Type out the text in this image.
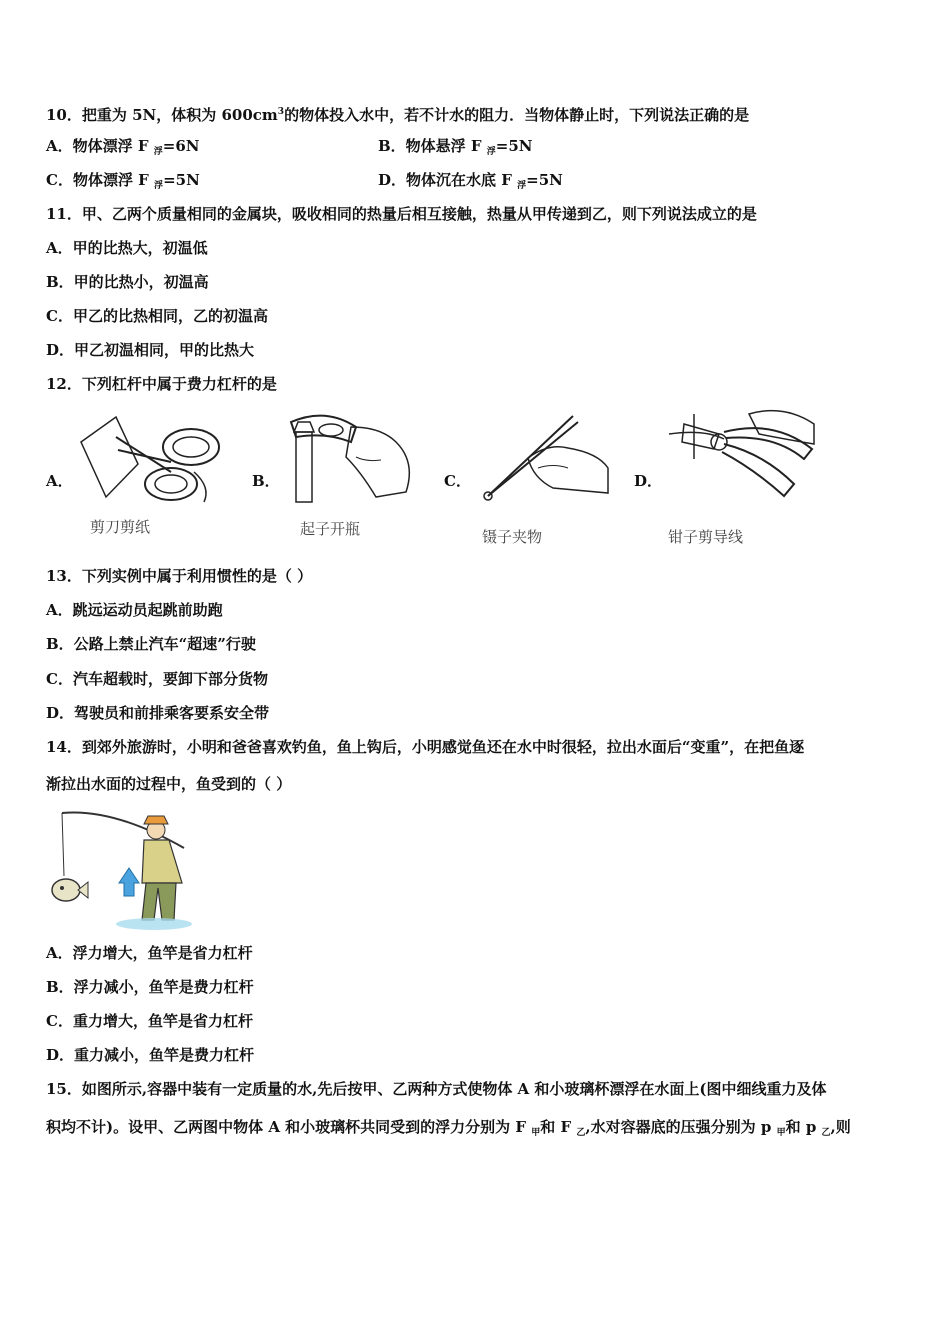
10．把重为 5N，体积为 $600cm^3$的物体投入水中，若不计水的阻力．当物体静止时，下列说法正确的是
A．物体漂浮 F $_浮$=6N	B．物体悬浮 F $_浮$=5N
C．物体漂浮 F $_浮$=5N	D．物体沉在水底 F $_浮$=5N
11．甲、乙两个质量相同的金属块，吸收相同的热量后相互接触，热量从甲传递到乙，则下列说法成立的是
A．甲的比热大，初温低
B．甲的比热小，初温高
C．甲乙的比热相同，乙的初温高
D．甲乙初温相同，甲的比热大
12．下列杠杆中属于费力杠杆的是
A．
剪刀剪纸
B．
起子开瓶
C．
镊子夹物
D．
钳子剪导线
13．下列实例中属于利用惯性的是（ ）
A．跳远运动员起跳前助跑
B．公路上禁止汽车“超速”行驶
C．汽车超载时，要卸下部分货物
D．驾驶员和前排乘客要系安全带
14．到郊外旅游时，小明和爸爸喜欢钓鱼，鱼上钩后，小明感觉鱼还在水中时很轻，拉出水面后“变重”，在把鱼逐
渐拉出水面的过程中，鱼受到的（ ）
A．浮力增大，鱼竿是省力杠杆
B．浮力减小，鱼竿是费力杠杆
C．重力增大，鱼竿是省力杠杆
D．重力减小，鱼竿是费力杠杆
15．如图所示,容器中装有一定质量的水,先后按甲、乙两种方式使物体 A 和小玻璃杯漂浮在水面上(图中细线重力及体
积均不计)。设甲、乙两图中物体 A 和小玻璃杯共同受到的浮力分别为 F $_甲$和 F $_乙$,水对容器底的压强分别为 p $_甲$和 p $_乙$,则
